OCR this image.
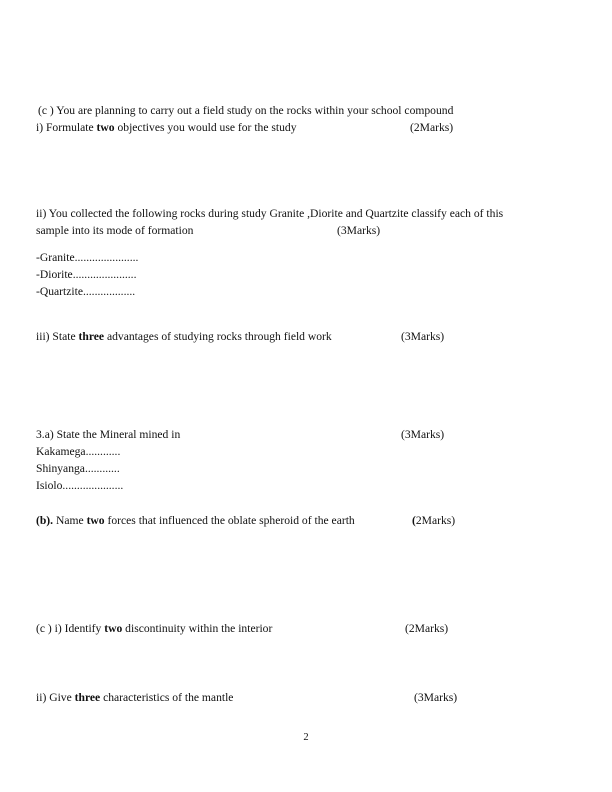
(c ) You are planning to carry out a field study on the rocks within your school compound
i) Formulate two objectives you would use for the study	(2Marks)
ii) You collected the following rocks during study Granite ,Diorite and Quartzite classify each of this
sample into its mode of formation	(3Marks)
-Granite......................
-Diorite......................
-Quartzite..................
iii) State three advantages of studying rocks through field work	(3Marks)
3.a) State the Mineral mined in	(3Marks)
Kakamega............
Shinyanga............
Isiolo.....................
(b). Name two forces that influenced the oblate spheroid of the earth	(2Marks)
(c ) i) Identify two discontinuity within the interior	(2Marks)
ii) Give three characteristics of the mantle	(3Marks)
2
